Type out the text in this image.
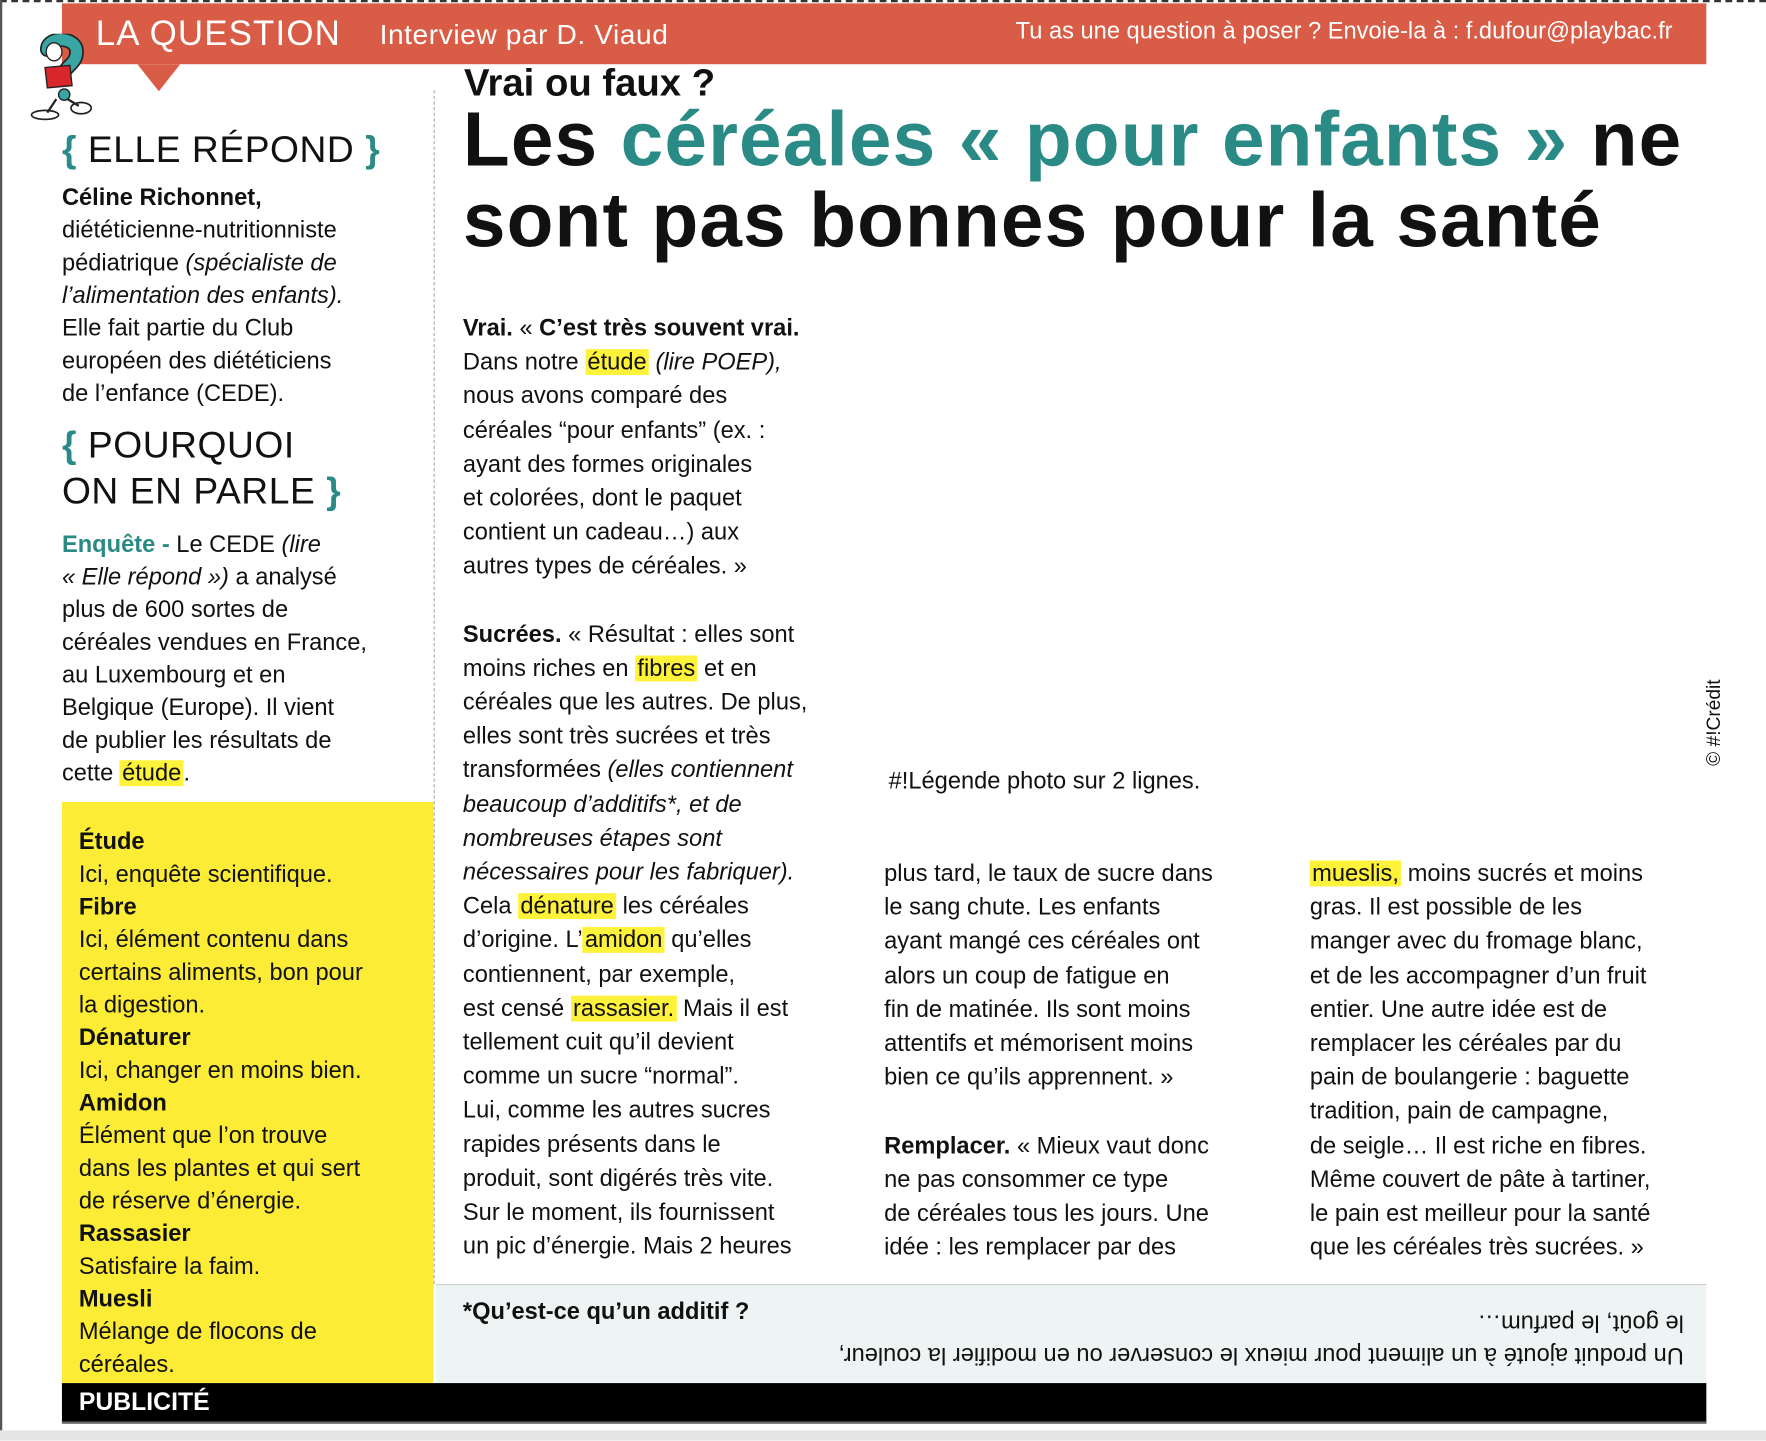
LA QUESTION Interview par D. Viaud	Tu as une question à poser ? Envoie-la à : f.dufour@playbac.fr
{ ELLE RÉPOND }
Céline Richonnet,
diététicienne-nutritionniste
pédiatrique (spécialiste de
l’alimentation des enfants).
Elle fait partie du Club
européen des diététiciens
de l’enfance (CEDE).
{ POURQUOI
ON EN PARLE }
Enquête - Le CEDE (lire
« Elle répond ») a analysé
plus de 600 sortes de
céréales vendues en France,
au Luxembourg et en
Belgique (Europe). Il vient
de publier les résultats de
cette étude .
Étude
Ici, enquête scientifique.
Fibre
Ici, élément contenu dans
certains aliments, bon pour
la digestion.
Dénaturer
Ici, changer en moins bien.
Amidon
Élément que l’on trouve
dans les plantes et qui sert
de réserve d’énergie.
Rassasier
Satisfaire la faim.
Muesli
Mélange de flocons de
céréales.
Vrai ou faux ?
Les céréales « pour enfants » ne
sont pas bonnes pour la santé
Vrai. « C’est très souvent vrai.
Dans notre étude (lire POEP),
nous avons comparé des
céréales “pour enfants” (ex. :
ayant des formes originales
et colorées, dont le paquet
contient un cadeau…) aux
autres types de céréales. »
Sucrées. « Résultat : elles sont
moins riches en fibres et en
céréales que les autres. De plus,
elles sont très sucrées et très
transformées (elles contiennent
beaucoup d’additifs*, et de
nombreuses étapes sont
nécessaires pour les fabriquer).
Cela dénature les céréales
d’origine. L’ amidon qu’elles
contiennent, par exemple,
est censé rassasier. Mais il est
tellement cuit qu’il devient
comme un sucre “normal”.
Lui, comme les autres sucres
rapides présents dans le
produit, sont digérés très vite.
Sur le moment, ils fournissent
un pic d’énergie. Mais 2 heures
plus tard, le taux de sucre dans
le sang chute. Les enfants
ayant mangé ces céréales ont
alors un coup de fatigue en
fin de matinée. Ils sont moins
attentifs et mémorisent moins
bien ce qu’ils apprennent. »
Remplacer. « Mieux vaut donc
ne pas consommer ce type
de céréales tous les jours. Une
idée : les remplacer par des
mueslis, moins sucrés et moins
gras. Il est possible de les
manger avec du fromage blanc,
et de les accompagner d’un fruit
entier. Une autre idée est de
remplacer les céréales par du
pain de boulangerie : baguette
tradition, pain de campagne,
de seigle… Il est riche en fibres.
Même couvert de pâte à tartiner,
le pain est meilleur pour la santé
que les céréales très sucrées. »
#!Légende photo sur 2 lignes.
© #!Crédit
*Qu’est-ce qu’un additif ?
Un produit ajouté à un aliment pour mieux le conserver ou en modifier la couleur,
le goût, le parfum…
PUBLICITÉ
